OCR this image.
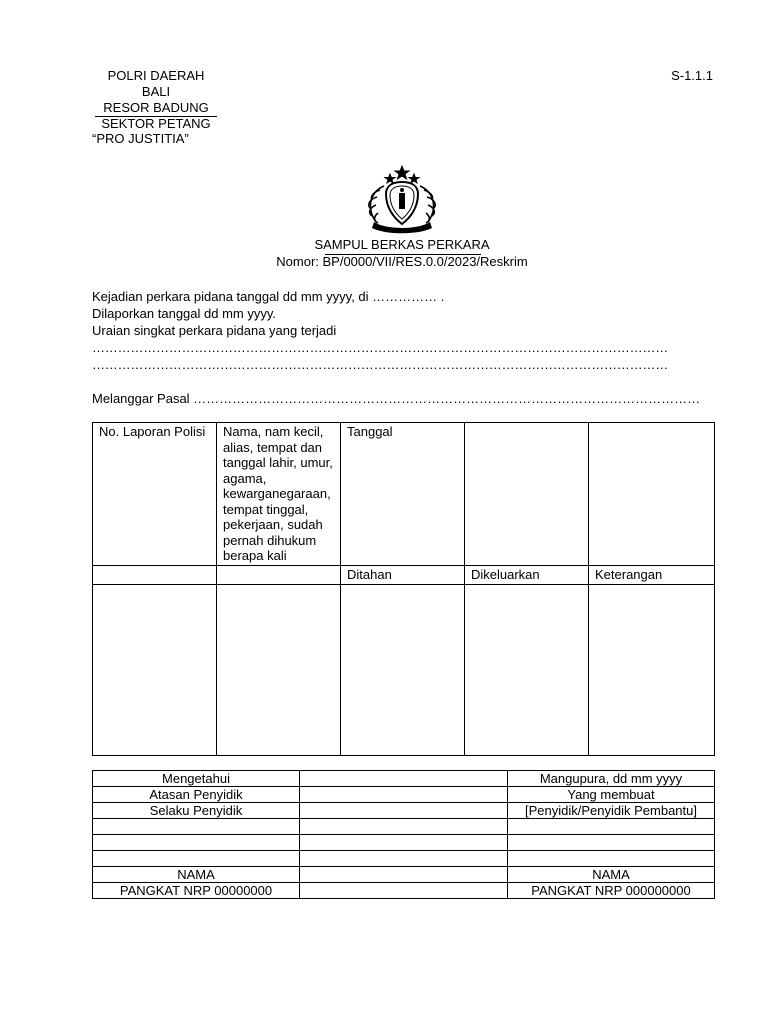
POLRI DAERAH BALI
RESOR BADUNG
SEKTOR PETANG
S-1.1.1
“PRO JUSTITIA”
SAMPUL BERKAS PERKARA
Nomor: BP/0000/VII/RES.0.0/2023/Reskrim
Kejadian perkara pidana tanggal dd mm yyyy, di …………… .
Dilaporkan tanggal dd mm yyyy.
Uraian singkat perkara pidana yang terjadi
………………………………………………………………………………………………………………………
………………………………………………………………………………………………………………………
Melanggar Pasal ………………………………………………………………………………………………………
No. Laporan Polisi	Nama, nam kecil, alias, tempat dan tanggal lahir, umur, agama, kewarganegaraan, tempat tinggal, pekerjaan, sudah pernah dihukum berapa kali	Tanggal		
		Ditahan	Dikeluarkan	Keterangan

Mengetahui		Mangupura, dd mm yyyy
Atasan Penyidik		Yang membuat
Selaku Penyidik		[Penyidik/Penyidik Pembantu]

NAMA		NAMA
PANGKAT NRP 00000000		PANGKAT NRP 000000000
